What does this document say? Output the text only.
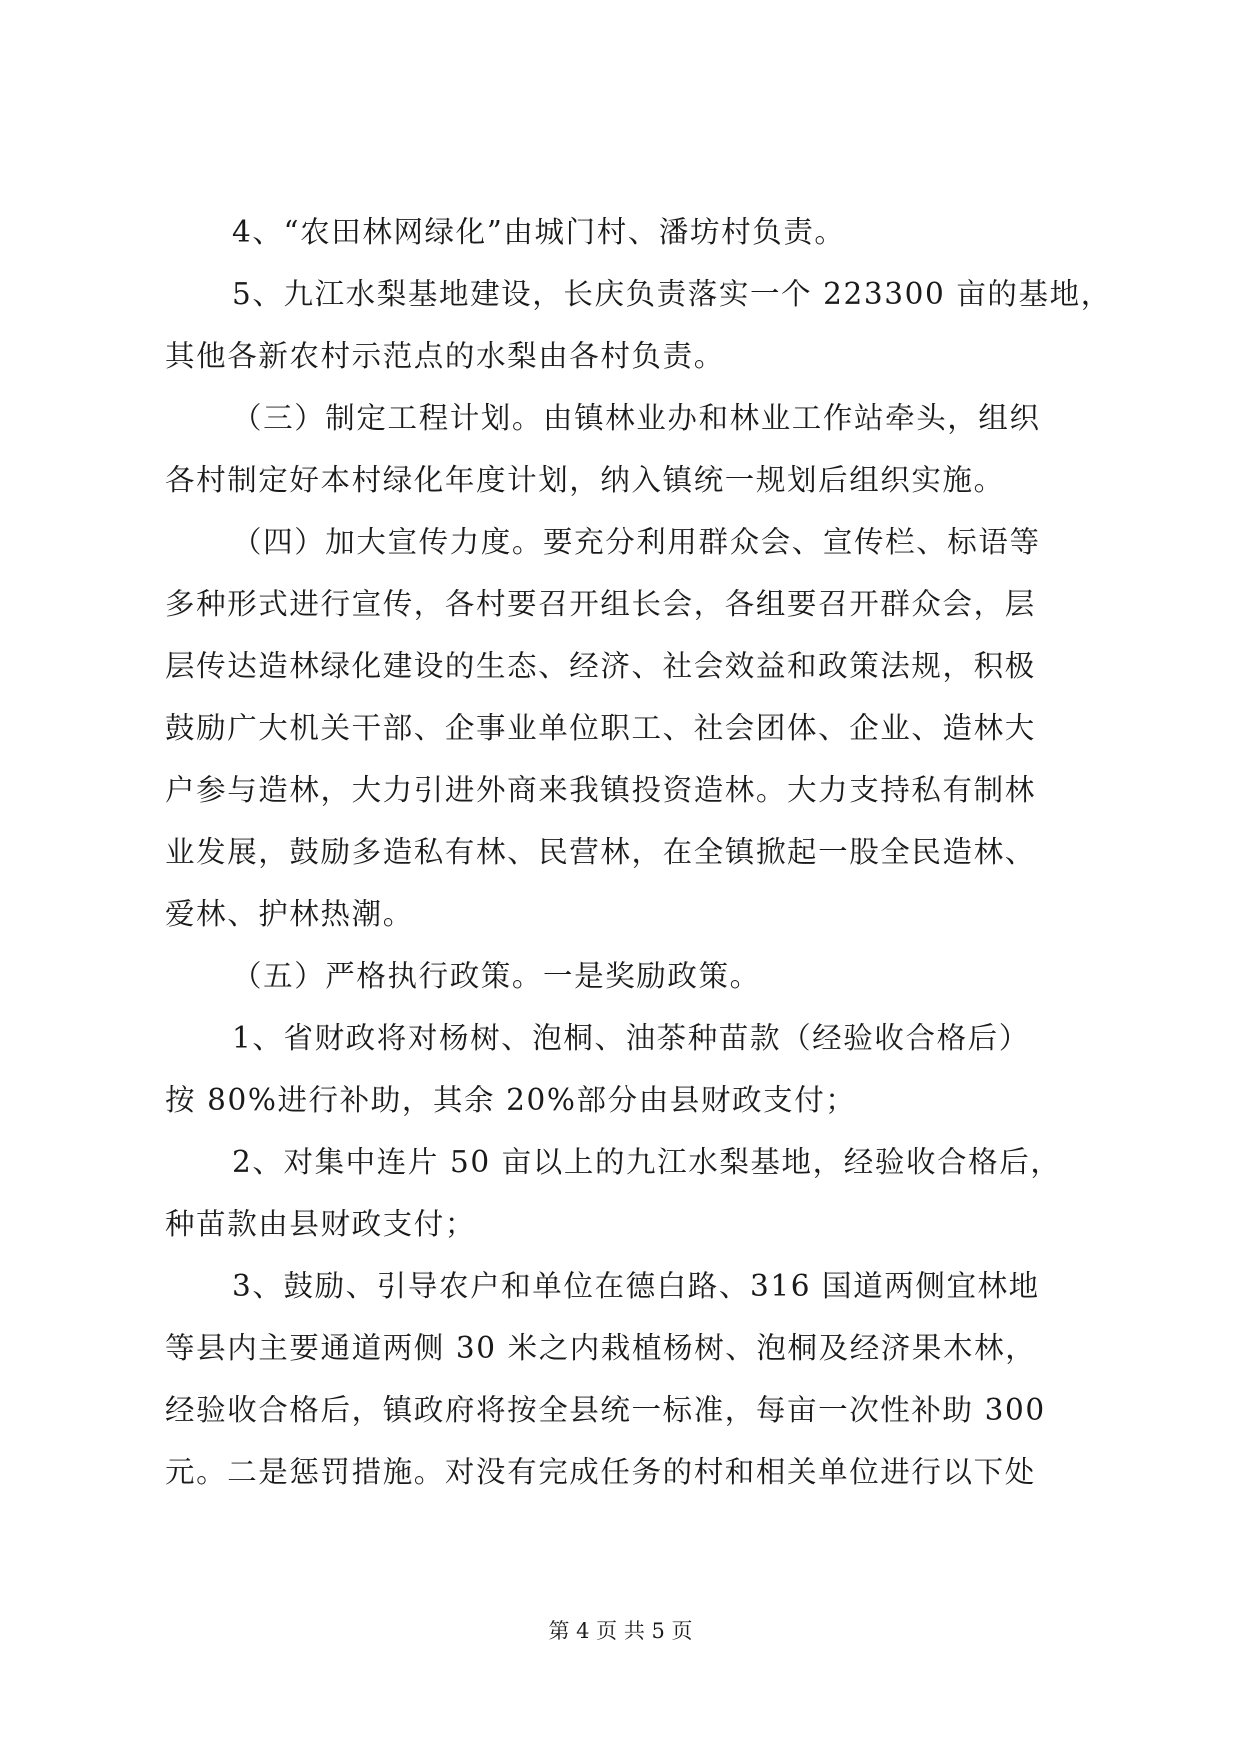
4、“农田林网绿化”由城门村、潘坊村负责。
5、九江水梨基地建设，长庆负责落实一个 223300 亩的基地，
其他各新农村示范点的水梨由各村负责。
（三）制定工程计划。由镇林业办和林业工作站牵头，组织
各村制定好本村绿化年度计划，纳入镇统一规划后组织实施。
（四）加大宣传力度。要充分利用群众会、宣传栏、标语等
多种形式进行宣传，各村要召开组长会，各组要召开群众会，层
层传达造林绿化建设的生态、经济、社会效益和政策法规，积极
鼓励广大机关干部、企事业单位职工、社会团体、企业、造林大
户参与造林，大力引进外商来我镇投资造林。大力支持私有制林
业发展，鼓励多造私有林、民营林，在全镇掀起一股全民造林、
爱林、护林热潮。
（五）严格执行政策。一是奖励政策。
1、省财政将对杨树、泡桐、油茶种苗款（经验收合格后）
按 80%进行补助，其余 20%部分由县财政支付；
2、对集中连片 50 亩以上的九江水梨基地，经验收合格后，
种苗款由县财政支付；
3、鼓励、引导农户和单位在德白路、316 国道两侧宜林地
等县内主要通道两侧 30 米之内栽植杨树、泡桐及经济果木林，
经验收合格后，镇政府将按全县统一标准，每亩一次性补助 300
元。二是惩罚措施。对没有完成任务的村和相关单位进行以下处
第 4 页 共 5 页
